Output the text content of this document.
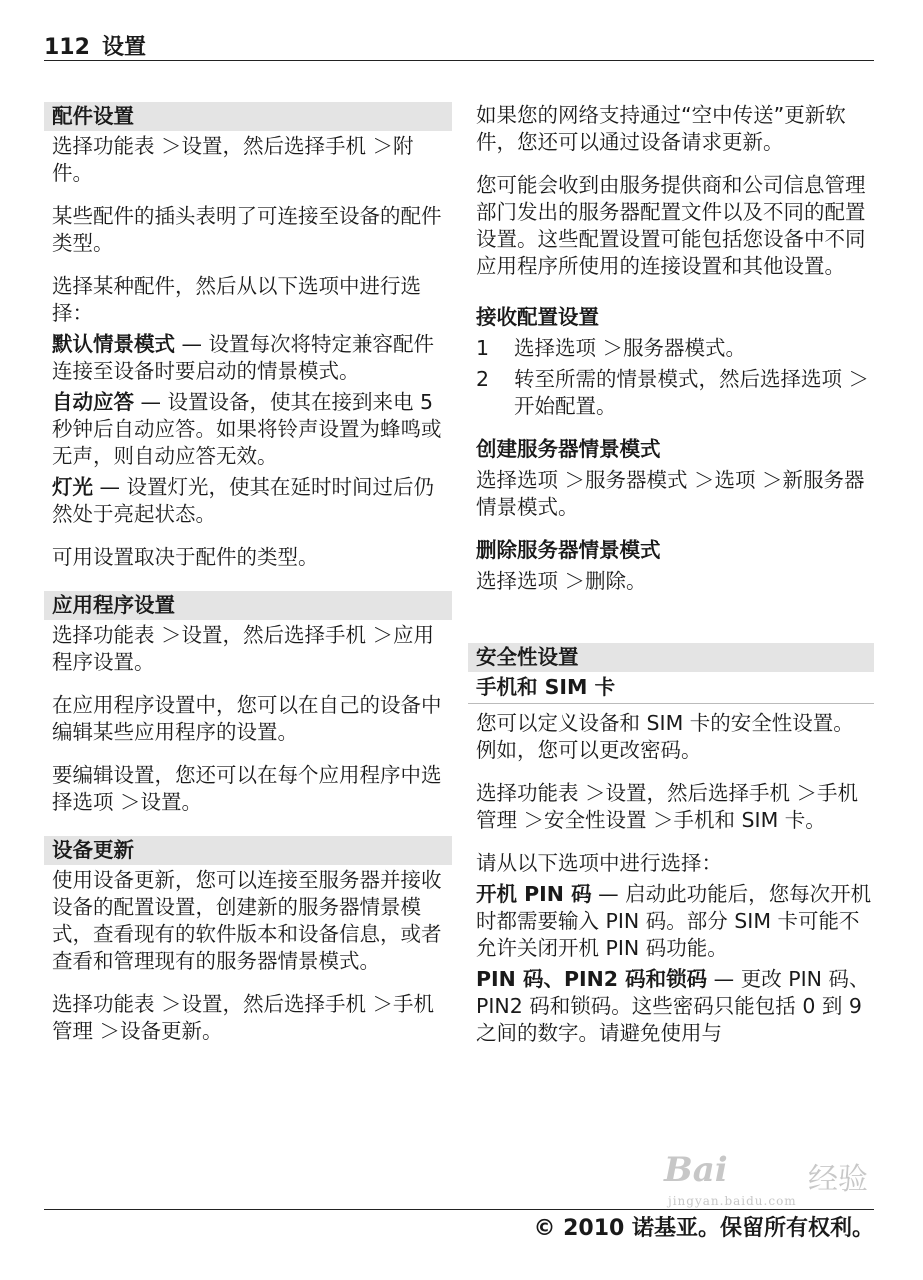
112 设置
配件设置

选择功能表 ＞设置，然后选择手机 ＞附件。

某些配件的插头表明了可连接至设备的配件类型。

选择某种配件，然后从以下选项中进行选择：

默认情景模式 — 设置每次将特定兼容配件连接至设备时要启动的情景模式。

自动应答 — 设置设备，使其在接到来电 5 秒钟后自动应答。如果将铃声设置为蜂鸣或无声，则自动应答无效。

灯光 — 设置灯光，使其在延时时间过后仍然处于亮起状态。

可用设置取决于配件的类型。

应用程序设置

选择功能表 ＞设置，然后选择手机 ＞应用程序设置。

在应用程序设置中，您可以在自己的设备中编辑某些应用程序的设置。

要编辑设置，您还可以在每个应用程序中选择选项 ＞设置。

设备更新

使用设备更新，您可以连接至服务器并接收设备的配置设置，创建新的服务器情景模式，查看现有的软件版本和设备信息，或者查看和管理现有的服务器情景模式。

选择功能表 ＞设置，然后选择手机 ＞手机管理 ＞设备更新。

如果您的网络支持通过“空中传送”更新软件，您还可以通过设备请求更新。

您可能会收到由服务提供商和公司信息管理部门发出的服务器配置文件以及不同的配置设置。这些配置设置可能包括您设备中不同应用程序所使用的连接设置和其他设置。

接收配置设置
1	选择选项 ＞服务器模式。
2	转至所需的情景模式，然后选择选项 ＞开始配置。
创建服务器情景模式

选择选项 ＞服务器模式 ＞选项 ＞新服务器情景模式。

删除服务器情景模式

选择选项 ＞删除。

安全性设置
手机和 SIM 卡

您可以定义设备和 SIM 卡的安全性设置。例如，您可以更改密码。

选择功能表 ＞设置，然后选择手机 ＞手机管理 ＞安全性设置 ＞手机和 SIM 卡。

请从以下选项中进行选择：

开机 PIN 码 — 启动此功能后，您每次开机时都需要输入 PIN 码。部分 SIM 卡可能不允许关闭开机 PIN 码功能。

PIN 码、PIN2 码和锁码 — 更改 PIN 码、PIN2 码和锁码。这些密码只能包括 0 到 9 之间的数字。请避免使用与

Bai	经验
jingyan.baidu.com
© 2010 诺基亚。保留所有权利。
